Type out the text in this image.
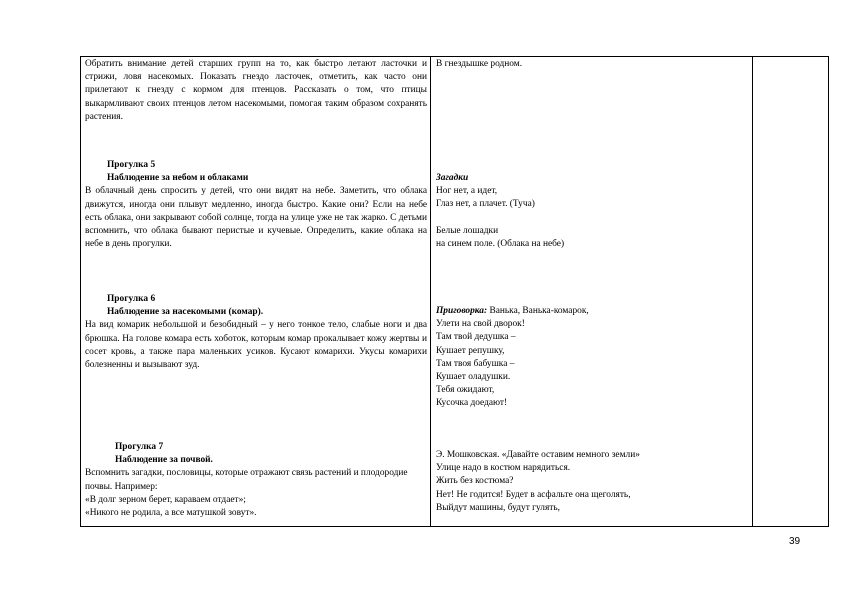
Обратить внимание детей старших групп на то, как быстро летают ласточки и стрижи, ловя насекомых. Показать гнездо ласточек, отметить, как часто они прилетают к гнезду с кормом для птенцов. Рассказать о том, что птицы выкармливают своих птенцов летом насекомыми, помогая таким образом сохранять растения.
Прогулка 5
Наблюдение за небом и облаками
В облачный день спросить у детей, что они видят на небе. Заметить, что облака движутся, иногда они плывут медленно, иногда быстро. Какие они? Если на небе есть облака, они закрывают собой солнце, тогда на улице уже не так жарко. С детьми вспомнить, что облака бывают перистые и кучевые. Определить, какие облака на небе в день прогулки.
Прогулка 6
Наблюдение за насекомыми (комар).
На вид комарик небольшой и безобидный – у него тонкое тело, слабые ноги и два брюшка. На голове комара есть хоботок, которым комар прокалывает кожу жертвы и сосет кровь, а также пара маленьких усиков. Кусают комарихи. Укусы комарихи болезненны и вызывают зуд.
Прогулка 7
Наблюдение за почвой.
Вспомнить загадки, пословицы, которые отражают связь растений и плодородие почвы. Например:
«В долг зерном берет, караваем отдает»;
«Никого не родила, а все матушкой зовут».
В гнездышке родном.
Загадки
Ног нет, а идет,
Глаз нет, а плачет. (Туча)
Белые лошадки
на синем поле. (Облака на небе)
Приговорка: Ванька, Ванька-комарок,
Улети на свой дворок!
Там твой дедушка –
Кушает репушку,
Там твоя бабушка –
Кушает оладушки.
Тебя ожидают,
Кусочка доедают!
Э. Мошковская. «Давайте оставим немного земли»
Улице надо в костюм нарядиться.
Жить без костюма?
Нет! Не годится! Будет в асфальте она щеголять,
Выйдут машины, будут гулять,
39
